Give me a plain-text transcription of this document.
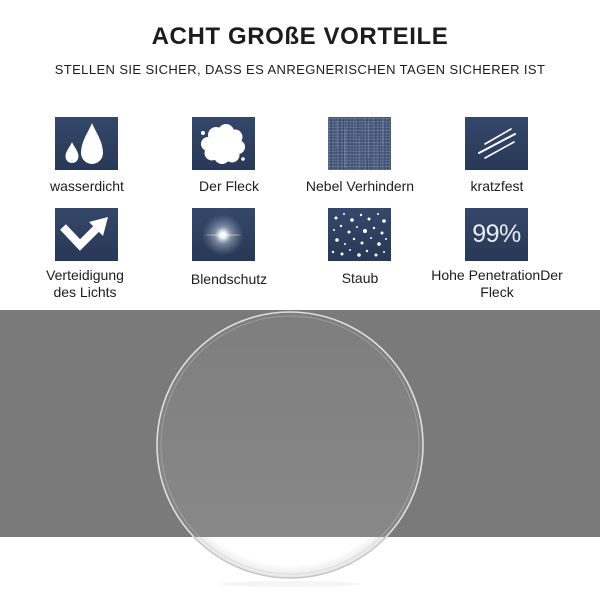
ACHT GROßE VORTEILE

STELLEN SIE SICHER, DASS ES ANREGNERISCHEN TAGEN SICHERER IST

wasserdicht	Der Fleck	Nebel Verhindern	kratzfest
Verteidigung
des Lichts
Blendschutz	Staub
99%
Hohe PenetrationDer
Fleck
